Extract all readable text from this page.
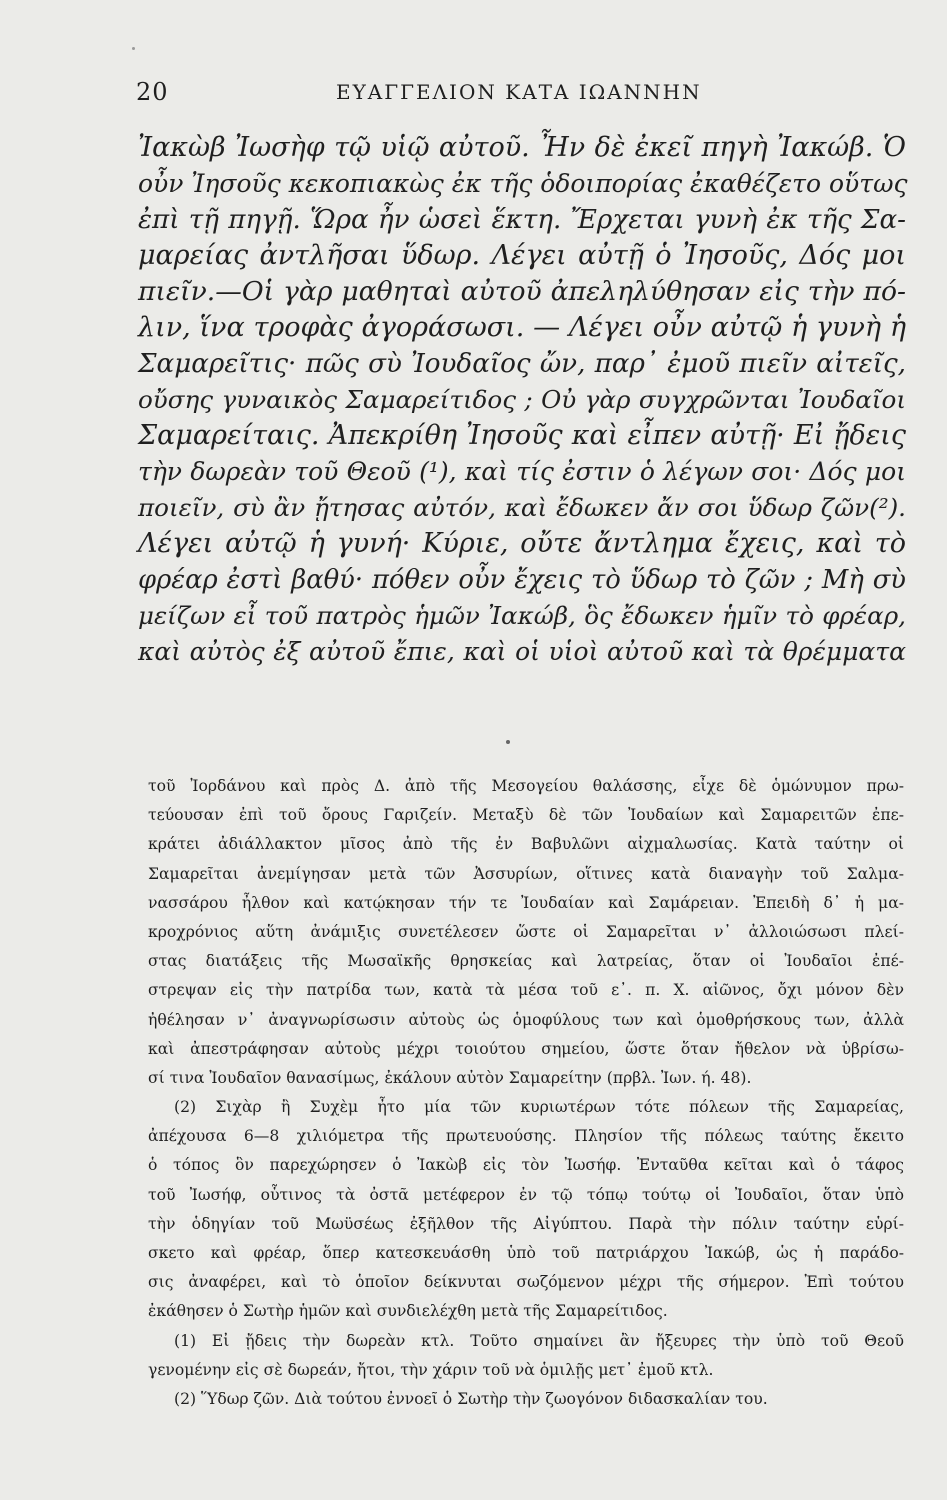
20	ΕΥΑΓΓΕΛΙΟΝ ΚΑΤΑ ΙΩΑΝΝΗΝ
Ἰακὼβ Ἰωσὴφ τῷ υἱῷ αὐτοῦ. Ἦν δὲ ἐκεῖ πηγὴ Ἰακώβ. Ὁ
οὖν Ἰησοῦς κεκοπιακὼς ἐκ τῆς ὁδοιπορίας ἐκαθέζετο οὕτως
ἐπὶ τῇ πηγῇ. Ὥρα ἦν ὡσεὶ ἕκτη. Ἔρχεται γυνὴ ἐκ τῆς Σα-
μαρείας ἀντλῆσαι ὕδωρ. Λέγει αὐτῇ ὁ Ἰησοῦς, Δός μοι
πιεῖν.—Οἱ γὰρ μαθηταὶ αὐτοῦ ἀπεληλύθησαν εἰς τὴν πό-
λιν, ἵνα τροφὰς ἀγοράσωσι. — Λέγει οὖν αὐτῷ ἡ γυνὴ ἡ
Σαμαρεῖτις· πῶς σὺ Ἰουδαῖος ὤν, παρ᾽ ἐμοῦ πιεῖν αἰτεῖς,
οὔσης γυναικὸς Σαμαρείτιδος ; Οὐ γὰρ συγχρῶνται Ἰουδαῖοι
Σαμαρείταις. Ἀπεκρίθη Ἰησοῦς καὶ εἶπεν αὐτῇ· Εἰ ᾔδεις
τὴν δωρεὰν τοῦ Θεοῦ (¹), καὶ τίς ἐστιν ὁ λέγων σοι· Δός μοι
ποιεῖν, σὺ ἂν ᾔτησας αὐτόν, καὶ ἔδωκεν ἄν σοι ὕδωρ ζῶν(²).
Λέγει αὐτῷ ἡ γυνή· Κύριε, οὔτε ἄντλημα ἔχεις, καὶ τὸ
φρέαρ ἐστὶ βαθύ· πόθεν οὖν ἔχεις τὸ ὕδωρ τὸ ζῶν ; Μὴ σὺ
μείζων εἶ τοῦ πατρὸς ἡμῶν Ἰακώβ, ὃς ἔδωκεν ἡμῖν τὸ φρέαρ,
καὶ αὐτὸς ἐξ αὐτοῦ ἔπιε, καὶ οἱ υἱοὶ αὐτοῦ καὶ τὰ θρέμματα
τοῦ Ἰορδάνου καὶ πρὸς Δ. ἀπὸ τῆς Μεσογείου θαλάσσης, εἶχε δὲ ὁμώνυμον πρω-
τεύουσαν ἐπὶ τοῦ ὄρους Γαριζείν. Μεταξὺ δὲ τῶν Ἰουδαίων καὶ Σαμαρειτῶν ἐπε-
κράτει ἀδιάλλακτον μῖσος ἀπὸ τῆς ἐν Βαβυλῶνι αἰχμαλωσίας. Κατὰ ταύτην οἱ
Σαμαρεῖται ἀνεμίγησαν μετὰ τῶν Ἀσσυρίων, οἵτινες κατὰ διαναγὴν τοῦ Σαλμα-
νασσάρου ἦλθον καὶ κατῴκησαν τήν τε Ἰουδαίαν καὶ Σαμάρειαν. Ἐπειδὴ δ᾽ ἡ μα-
κροχρόνιος αὕτη ἀνάμιξις συνετέλεσεν ὥστε οἱ Σαμαρεῖται ν᾽ ἀλλοιώσωσι πλεί-
στας διατάξεις τῆς Μωσαϊκῆς θρησκείας καὶ λατρείας, ὅταν οἱ Ἰουδαῖοι ἐπέ-
στρεψαν εἰς τὴν πατρίδα των, κατὰ τὰ μέσα τοῦ ε᾽. π. Χ. αἰῶνος, ὄχι μόνον δὲν
ἠθέλησαν ν᾽ ἀναγνωρίσωσιν αὐτοὺς ὡς ὁμοφύλους των καὶ ὁμοθρήσκους των, ἀλλὰ
καὶ ἀπεστράφησαν αὐτοὺς μέχρι τοιούτου σημείου, ὥστε ὅταν ἤθελον νὰ ὑβρίσω-
σί τινα Ἰουδαῖον θανασίμως, ἐκάλουν αὐτὸν Σαμαρείτην (πρβλ. Ἰων. ή. 48).
(2) Σιχὰρ ἢ Συχὲμ ἦτο μία τῶν κυριωτέρων τότε πόλεων τῆς Σαμαρείας,
ἀπέχουσα 6—8 χιλιόμετρα τῆς πρωτευούσης. Πλησίον τῆς πόλεως ταύτης ἔκειτο
ὁ τόπος ὃν παρεχώρησεν ὁ Ἰακὼβ εἰς τὸν Ἰωσήφ. Ἐνταῦθα κεῖται καὶ ὁ τάφος
τοῦ Ἰωσήφ, οὗτινος τὰ ὀστᾶ μετέφερον ἐν τῷ τόπῳ τούτῳ οἱ Ἰουδαῖοι, ὅταν ὑπὸ
τὴν ὁδηγίαν τοῦ Μωϋσέως ἐξῆλθον τῆς Αἰγύπτου. Παρὰ τὴν πόλιν ταύτην εὑρί-
σκετο καὶ φρέαρ, ὅπερ κατεσκευάσθη ὑπὸ τοῦ πατριάρχου Ἰακώβ, ὡς ἡ παράδο-
σις ἀναφέρει, καὶ τὸ ὁποῖον δείκνυται σωζόμενον μέχρι τῆς σήμερον. Ἐπὶ τούτου
ἐκάθησεν ὁ Σωτὴρ ἡμῶν καὶ συνδιελέχθη μετὰ τῆς Σαμαρείτιδος.
(1) Εἰ ᾔδεις τὴν δωρεὰν κτλ. Τοῦτο σημαίνει ἂν ἤξευρες τὴν ὑπὸ τοῦ Θεοῦ
γενομένην εἰς σὲ δωρεάν, ἤτοι, τὴν χάριν τοῦ νὰ ὁμιλῇς μετ᾽ ἐμοῦ κτλ.
(2) Ὕδωρ ζῶν. Διὰ τούτου ἐννοεῖ ὁ Σωτὴρ τὴν ζωογόνον διδασκαλίαν του.
